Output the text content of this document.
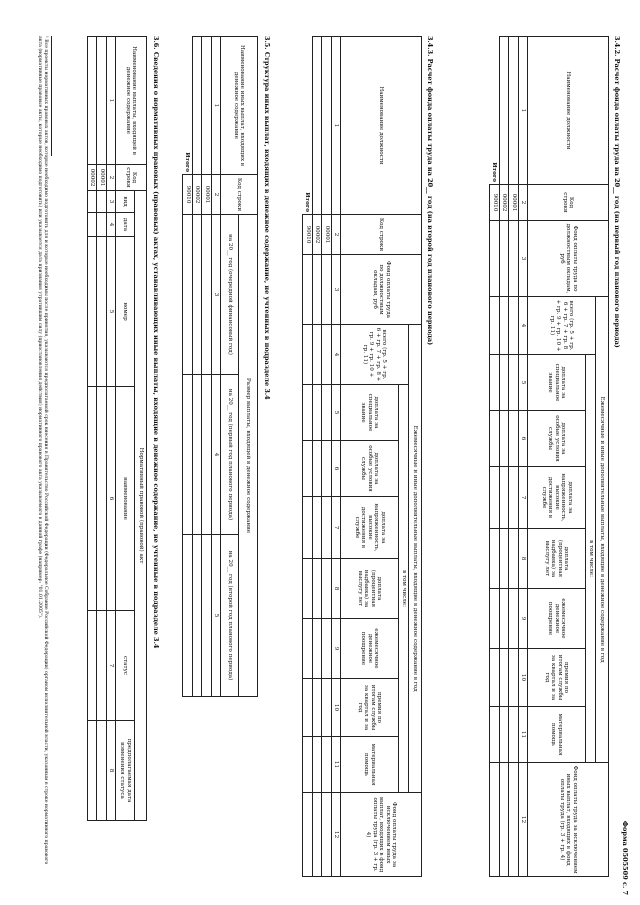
Форма 0505509 с. 7
3.4.2. Расчет фонда оплаты труда на 20__ год (на первый год планового периода)
Наименование должности	Код строки	Фонд оплаты труда по должностным окладам, руб	Ежемесячные и иные дополнительные выплаты, входящие в денежное содержание в год								Фонд оплаты труда за исключением иных выплат, входящих в фонд оплаты труда (гр. 3 + гр. 4)
			всего (гр. 5 + гр. 6 + гр. 7 + гр. 8 + гр. 9 + гр. 10 + гр. 11)	в том числе:							
				доплата за специальное звание	доплата за особые условия службы	доплата за напряженность, высокие достижения в службе	доплата (процентная надбавка) за выслугу лет	ежемесячное денежное поощрение	премия по итогам службы за квартал и за год	материальная помощь	
1	2	3	4	5	6	7	8	9	10	11	12
	00001										
	00002										
Итого	90010										
3.4.3. Расчет фонда оплаты труда на 20__ год (на второй год планового периода)
Наименование должности	Код строки	Фонд оплаты труда по должностным окладам, руб	Ежемесячные и иные дополнительные выплаты, входящие в денежное содержание в год								Фонд оплаты труда за исключением иных выплат, входящих в фонд оплаты труда (гр. 3 + гр. 4)
			всего (гр. 5 + гр. 6 + гр. 7 + гр. 8 + гр. 9 + гр. 10 + гр. 11)	в том числе:							
				доплата за специальное звание	доплата за особые условия службы	доплата за напряженность, высокие достижения в службе	доплата (процентная надбавка) за выслугу лет	ежемесячное денежное поощрение	премия по итогам службы за квартал и за год	материальная помощь	
1	2	3	4	5	6	7	8	9	10	11	12
	00001										
	00002										
Итого	90010										
3.5. Структура иных выплат, входящих в денежное содержание, не учтенных в подразделе 3.4
Наименование иных выплат, входящих в денежное содержание	Код строки	Размер выплаты, входящей в денежное содержание		
		на 20__ год (очередной финансовый год)	на 20__ год (первый год планового периода)	на 20__ год (второй год планового периода)
1	2	3	4	5
	00001			
	00002			
Итого	90010			
3.6. Сведения о нормативных правовых (правовых) актах, устанавливающих иные выплаты, входящие в денежное содержание, не учтенные в подразделе 3.4
Наименование выплаты, входящей в денежное содержание	Код строки	Нормативный правовой (правовой) акт					
		вид	дата	номер	наименование	статус	предполагаемая дата изменения статуса
1	2	3	4	5	6	7	8
	00001						
	00002						
¹ Все проекты нормативных правовых актов, которые необходимо подготовить для и которые необходимы после принятия, указываются предполагаемой срок внесения в Правительство Российской Федерации (Федеральное Собрание Российской Федерации) органом исполнительной власти, указанным в строке нормативного правового акта (нормативные правовые акты, которые необходимо подготовить) или указывается дата признания утратившим силу (приостановления действия) нормативного правового акта указываемого в данной графе (например: "01.01.2005").
